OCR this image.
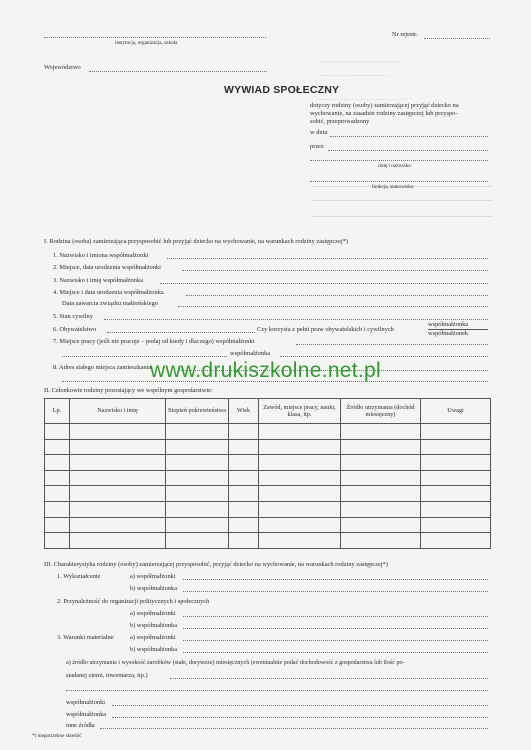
instytucja, organizacja, szkoła
Nr rejestr.
Województwo
..............................................................
.....................................................
..................................................................
WYWIAD SPOŁECZNY
dotyczy rodziny (osoby) zamierzającej przyjąć dziecko na
wychowanie, na zasadzie rodziny zastępczej lub przyspo-
sobić, przeprowadzony
w dniu
przez
imię i nazwisko
funkcja, stanowisko
I. Rodzina (osoba) zamierzająca przysposobić lub przyjąć dziecko na wychowanie, na warunkach rodziny zastępczej*)
1. Nazwisko i imiona współmałżonki
2. Miejsce, data urodzenia współmałżonki
3. Nazwisko i imię współmałżonka
4. Miejsce i data urodzenia współmałżonka
Data zawarcia związku małżeńskiego
5. Stan cywilny
6. Obywatelstwo	Czy korzysta z pełni praw obywatelskich i cywilnych
współmałżonka
współmałżonek
7. Miejsce pracy (jeśli nie pracuje – podaj od kiedy i dlaczego) współmałżonki
współmałżonka
8. Adres stałego miejsca zamieszkania
www.drukiszkolne.net.pl
II. Członkowie rodziny pozostający we wspólnym gospodarstwie:
Lp.	Nazwisko i imię	Stopień pokrewieństwa	Wiek	Zawód, miejsce pracy, nauki, klasa, itp.	Źródło utrzymania (dochód miesięczny)	Uwagi

III. Charakterystyka rodziny (osoby) zamierzającej przysposobić, przyjąć dziecko na wychowanie, na warunkach rodziny zastępczej*)
1. Wykształcenie	a) współmałżonki
b) współmałżonka
2. Przynależność do organizacji politycznych i społecznych
a) współmałżonki
b) współmałżonka
3. Warunki materialne	a) współmałżonki
b) współmałżonka
a) źródło utrzymania i wysokość zarobków (stałe, doryweze) miesięcznych (ewentualnie podać dochodowość z gospodarstwa lub ilość po-
siadanej ziemi, inwentarza, itp.)
współmałżonki
współmałżonka
inne źródła
*) niepotrzebne skreślić
